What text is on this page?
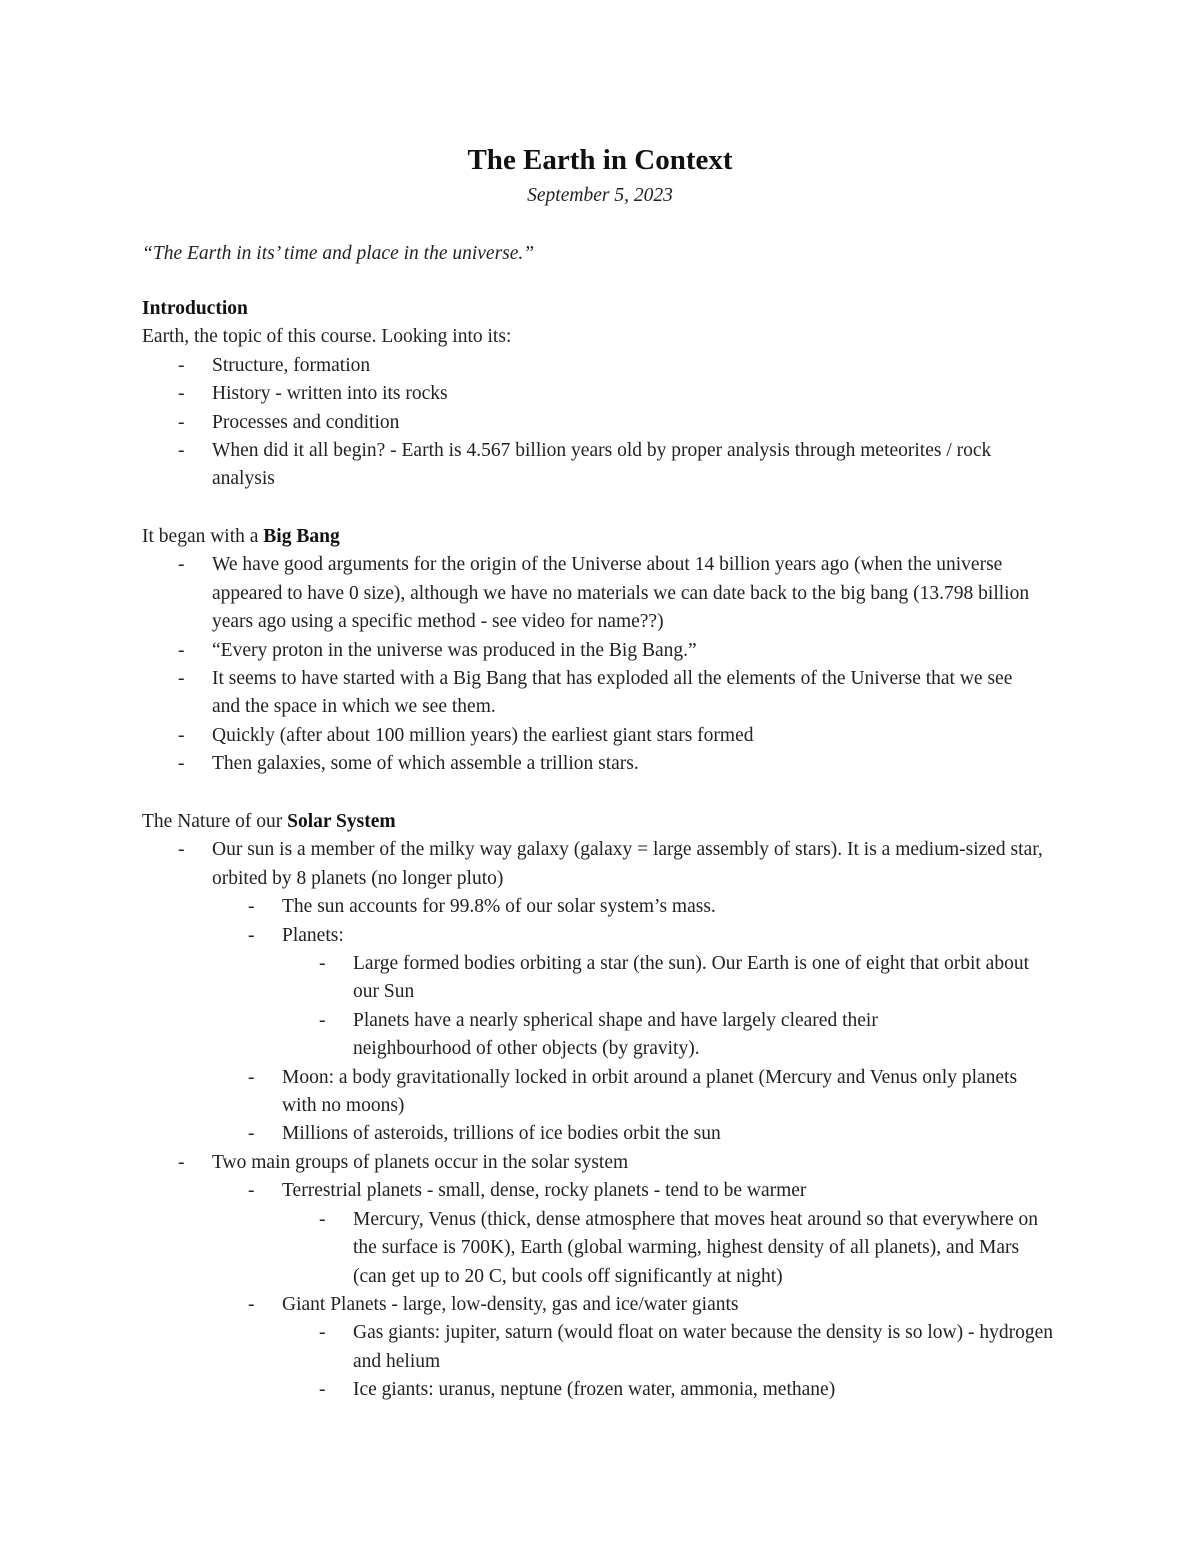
The Earth in Context
September 5, 2023
“The Earth in its’ time and place in the universe.”
Introduction
Earth, the topic of this course. Looking into its:
- Structure, formation
- History - written into its rocks
- Processes and condition
- When did it all begin? - Earth is 4.567 billion years old by proper analysis through meteorites / rock analysis
It began with a Big Bang
- We have good arguments for the origin of the Universe about 14 billion years ago (when the universe appeared to have 0 size), although we have no materials we can date back to the big bang (13.798 billion years ago using a specific method - see video for name??)
- “Every proton in the universe was produced in the Big Bang.”
- It seems to have started with a Big Bang that has exploded all the elements of the Universe that we see and the space in which we see them.
- Quickly (after about 100 million years) the earliest giant stars formed
- Then galaxies, some of which assemble a trillion stars.
The Nature of our Solar System
- Our sun is a member of the milky way galaxy (galaxy = large assembly of stars). It is a medium-sized star, orbited by 8 planets (no longer pluto)
- The sun accounts for 99.8% of our solar system’s mass.
- Planets:
- Large formed bodies orbiting a star (the sun). Our Earth is one of eight that orbit about our Sun
- Planets have a nearly spherical shape and have largely cleared their neighbourhood of other objects (by gravity).
- Moon: a body gravitationally locked in orbit around a planet (Mercury and Venus only planets with no moons)
- Millions of asteroids, trillions of ice bodies orbit the sun
- Two main groups of planets occur in the solar system
- Terrestrial planets - small, dense, rocky planets - tend to be warmer
- Mercury, Venus (thick, dense atmosphere that moves heat around so that everywhere on the surface is 700K), Earth (global warming, highest density of all planets), and Mars (can get up to 20 C, but cools off significantly at night)
- Giant Planets - large, low-density, gas and ice/water giants
- Gas giants: jupiter, saturn (would float on water because the density is so low) - hydrogen and helium
- Ice giants: uranus, neptune (frozen water, ammonia, methane)
